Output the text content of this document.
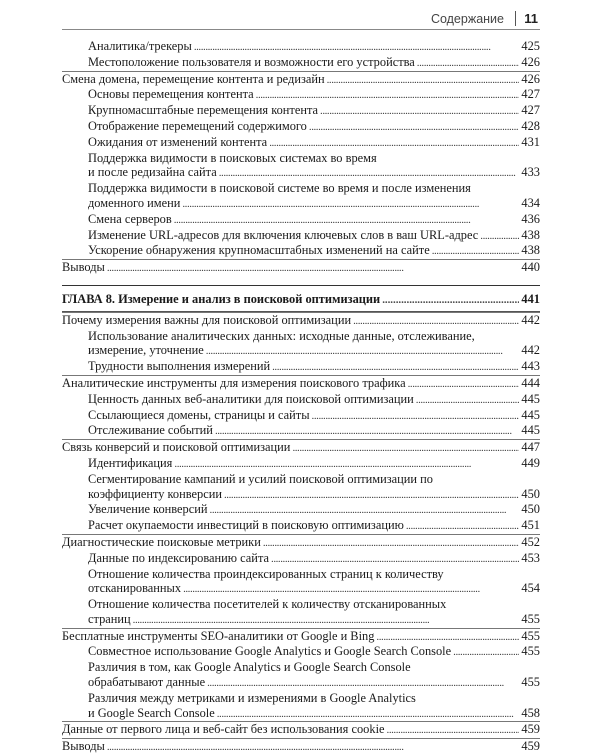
Содержание 11
Аналитика/трекеры . . .	425
Местоположение пользователя и возможности его устройства . . .	426
Смена домена, перемещение контента и редизайн . . .	426
Основы перемещения контента . . .	427
Крупномасштабные перемещения контента . . .	427
Отображение перемещений содержимого . . .	428
Ожидания от изменений контента . . .	431
Поддержка видимости в поисковых системах во время
и после редизайна сайта . . .	433
Поддержка видимости в поисковой системе во время и после изменения
доменного имени . . .	434
Смена серверов . . .	436
Изменение URL-адресов для включения ключевых слов в ваш URL-адрес . . .	438
Ускорение обнаружения крупномасштабных изменений на сайте . . .	438
Выводы . . .	440
ГЛАВА 8. Измерение и анализ в поисковой оптимизации . . .	441
Почему измерения важны для поисковой оптимизации . . .	442
Использование аналитических данных: исходные данные, отслеживание,
измерение, уточнение . . .	442
Трудности выполнения измерений . . .	443
Аналитические инструменты для измерения поискового трафика . . .	444
Ценность данных веб-аналитики для поисковой оптимизации . . .	445
Ссылающиеся домены, страницы и сайты . . .	445
Отслеживание событий . . .	445
Связь конверсий и поисковой оптимизации . . .	447
Идентификация . . .	449
Сегментирование кампаний и усилий поисковой оптимизации по
коэффициенту конверсии . . .	450
Увеличение конверсий . . .	450
Расчет окупаемости инвестиций в поисковую оптимизацию . . .	451
Диагностические поисковые метрики . . .	452
Данные по индексированию сайта . . .	453
Отношение количества проиндексированных страниц к количеству
отсканированных . . .	454
Отношение количества посетителей к количеству отсканированных
страниц . . .	455
Бесплатные инструменты SEO-аналитики от Google и Bing . . .	455
Совместное использование Google Analytics и Google Search Console . . .	455
Различия в том, как Google Analytics и Google Search Console
обрабатывают данные . . .	455
Различия между метриками и измерениями в Google Analytics
и Google Search Console . . .	458
Данные от первого лица и веб-сайт без использования cookie . . .	459
Выводы . . .	459
